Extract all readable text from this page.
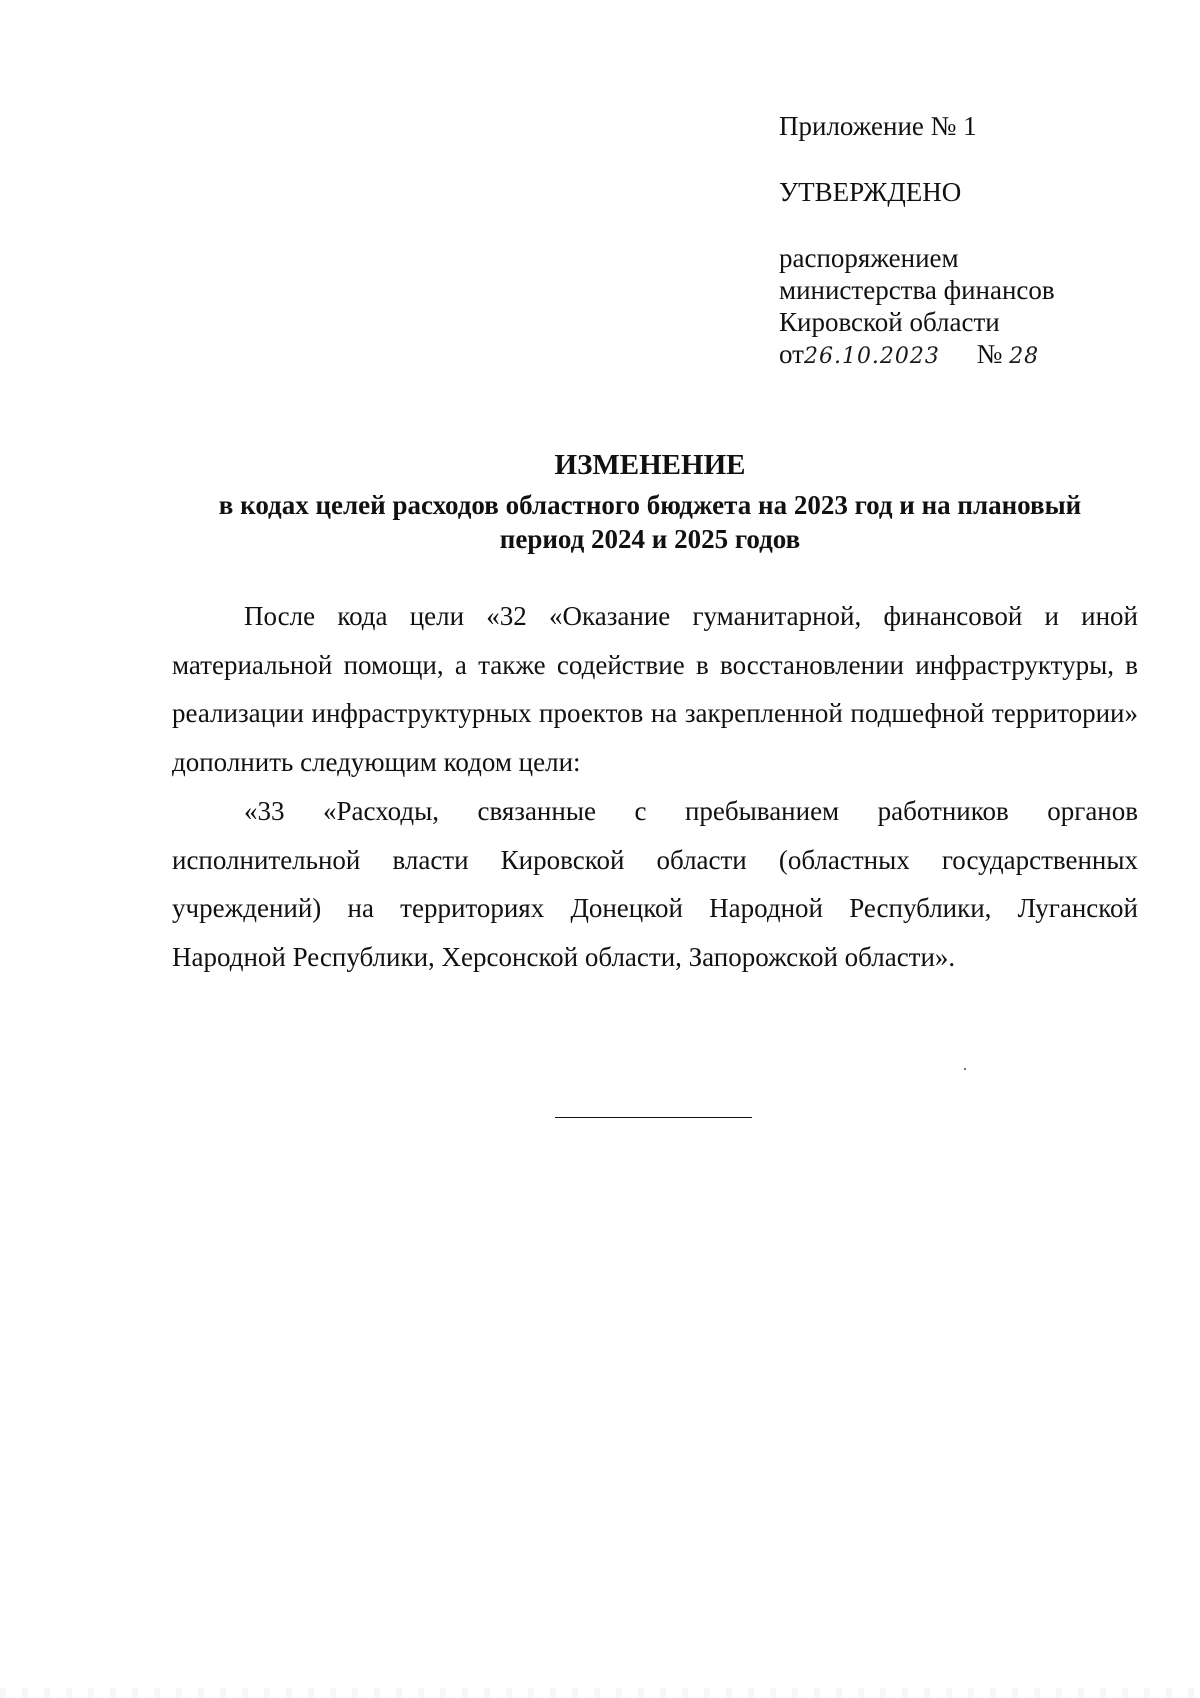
Приложение № 1
УТВЕРЖДЕНО
распоряжением
министерства финансов
Кировской области
от26.10.2023 № 28
ИЗМЕНЕНИЕ
в кодах целей расходов областного бюджета на 2023 год и на плановый
период 2024 и 2025 годов

После кода цели «32 «Оказание гуманитарной, финансовой и иной материальной помощи, а также содействие в восстановлении инфраструктуры, в реализации инфраструктурных проектов на закрепленной подшефной территории» дополнить следующим кодом цели:

«33 «Расходы, связанные с пребыванием работников органов исполнительной власти Кировской области (областных государственных учреждений) на территориях Донецкой Народной Республики, Луганской Народной Республики, Херсонской области, Запорожской области».
